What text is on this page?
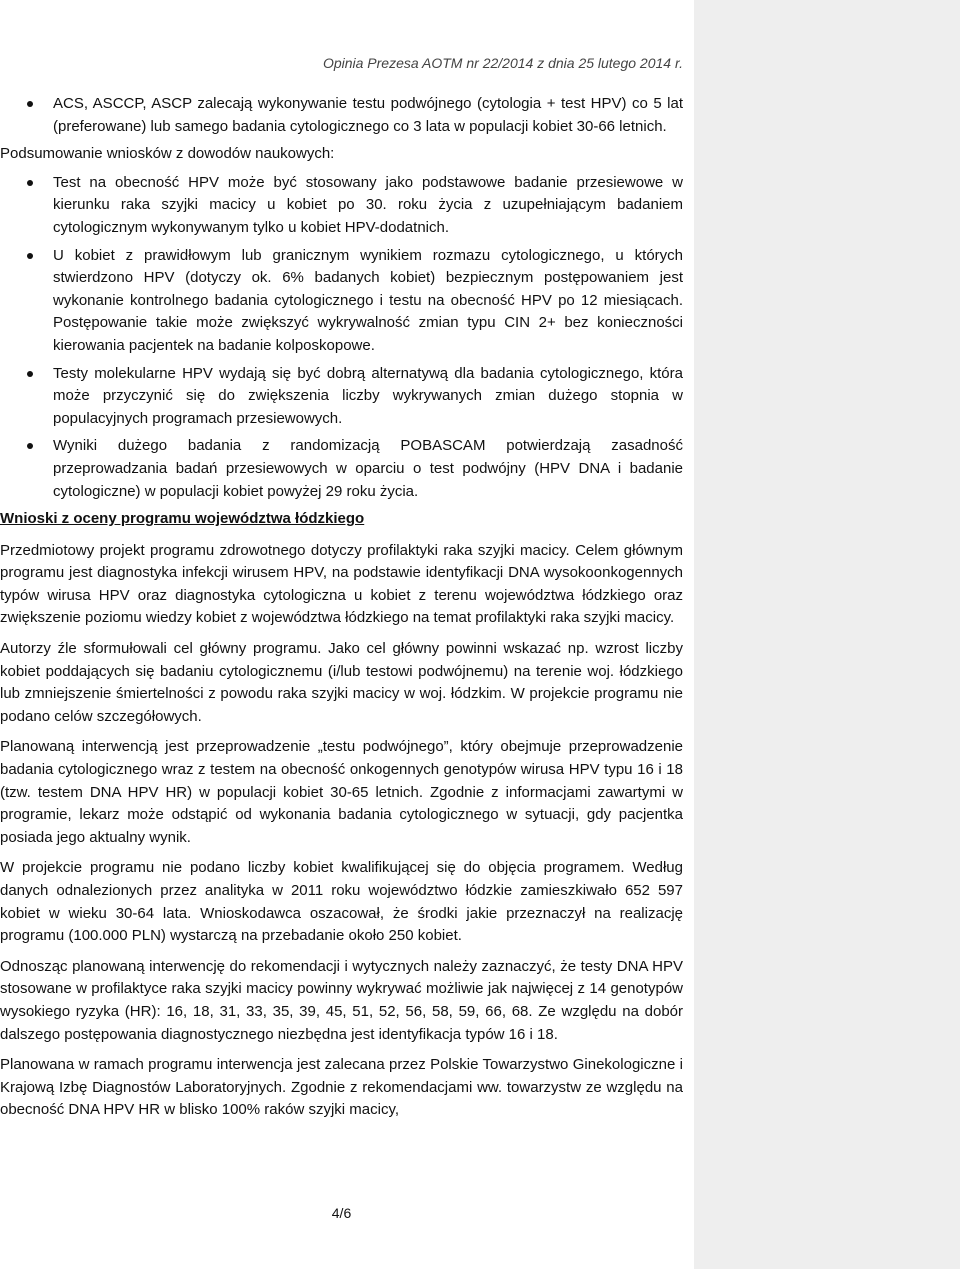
Opinia Prezesa AOTM nr 22/2014 z dnia 25 lutego 2014 r.
ACS, ASCCP, ASCP zalecają wykonywanie testu podwójnego (cytologia + test HPV) co 5 lat (preferowane) lub samego badania cytologicznego co 3 lata w populacji kobiet 30-66 letnich.

Podsumowanie wniosków z dowodów naukowych:

Test na obecność HPV może być stosowany jako podstawowe badanie przesiewowe w kierunku raka szyjki macicy u kobiet po 30. roku życia z uzupełniającym badaniem cytologicznym wykonywanym tylko u kobiet HPV-dodatnich.
U kobiet z prawidłowym lub granicznym wynikiem rozmazu cytologicznego, u których stwierdzono HPV (dotyczy ok. 6% badanych kobiet) bezpiecznym postępowaniem jest wykonanie kontrolnego badania cytologicznego i testu na obecność HPV po 12 miesiącach. Postępowanie takie może zwiększyć wykrywalność zmian typu CIN 2+ bez konieczności kierowania pacjentek na badanie kolposkopowe.
Testy molekularne HPV wydają się być dobrą alternatywą dla badania cytologicznego, która może przyczynić się do zwiększenia liczby wykrywanych zmian dużego stopnia w populacyjnych programach przesiewowych.
Wyniki dużego badania z randomizacją POBASCAM potwierdzają zasadność przeprowadzania badań przesiewowych w oparciu o test podwójny (HPV DNA i badanie cytologiczne) w populacji kobiet powyżej 29 roku życia.

Wnioski z oceny programu województwa łódzkiego

Przedmiotowy projekt programu zdrowotnego dotyczy profilaktyki raka szyjki macicy. Celem głównym programu jest diagnostyka infekcji wirusem HPV, na podstawie identyfikacji DNA wysokoonkogennych typów wirusa HPV oraz diagnostyka cytologiczna u kobiet z terenu województwa łódzkiego oraz zwiększenie poziomu wiedzy kobiet z województwa łódzkiego na temat profilaktyki raka szyjki macicy.

Autorzy źle sformułowali cel główny programu. Jako cel główny powinni wskazać np. wzrost liczby kobiet poddających się badaniu cytologicznemu (i/lub testowi podwójnemu) na terenie woj. łódzkiego lub zmniejszenie śmiertelności z powodu raka szyjki macicy w woj. łódzkim. W projekcie programu nie podano celów szczegółowych.

Planowaną interwencją jest przeprowadzenie „testu podwójnego”, który obejmuje przeprowadzenie badania cytologicznego wraz z testem na obecność onkogennych genotypów wirusa HPV typu 16 i 18 (tzw. testem DNA HPV HR) w populacji kobiet 30-65 letnich. Zgodnie z informacjami zawartymi w programie, lekarz może odstąpić od wykonania badania cytologicznego w sytuacji, gdy pacjentka posiada jego aktualny wynik.

W projekcie programu nie podano liczby kobiet kwalifikującej się do objęcia programem. Według danych odnalezionych przez analityka w 2011 roku województwo łódzkie zamieszkiwało 652 597 kobiet w wieku 30-64 lata. Wnioskodawca oszacował, że środki jakie przeznaczył na realizację programu (100.000 PLN) wystarczą na przebadanie około 250 kobiet.

Odnosząc planowaną interwencję do rekomendacji i wytycznych należy zaznaczyć, że testy DNA HPV stosowane w profilaktyce raka szyjki macicy powinny wykrywać możliwie jak najwięcej z 14 genotypów wysokiego ryzyka (HR): 16, 18, 31, 33, 35, 39, 45, 51, 52, 56, 58, 59, 66, 68. Ze względu na dobór dalszego postępowania diagnostycznego niezbędna jest identyfikacja typów 16 i 18.

Planowana w ramach programu interwencja jest zalecana przez Polskie Towarzystwo Ginekologiczne i Krajową Izbę Diagnostów Laboratoryjnych. Zgodnie z rekomendacjami ww. towarzystw ze względu na obecność DNA HPV HR w blisko 100% raków szyjki macicy,

4/6
